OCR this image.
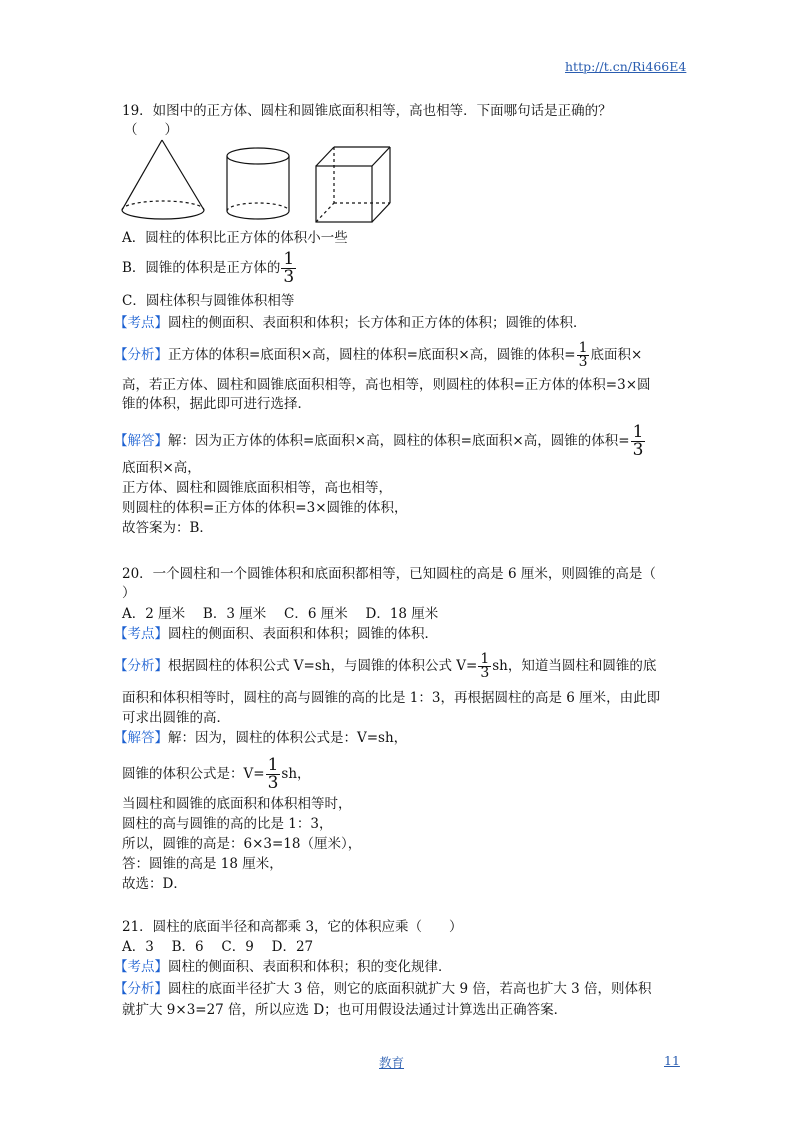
http://t.cn/Ri466E4
19．如图中的正方体、圆柱和圆锥底面积相等，高也相等．下面哪句话是正确的？
（　　）
A．圆柱的体积比正方体的体积小一些
B．圆锥的体积是正方体的 $\frac{1}{3}$
C．圆柱体积与圆锥体积相等
【考点】圆柱的侧面积、表面积和体积；长方体和正方体的体积；圆锥的体积．
【分析】正方体的体积=底面积×高，圆柱的体积=底面积×高，圆锥的体积= $\frac{1}{3}$ 底面积×
高，若正方体、圆柱和圆锥底面积相等，高也相等，则圆柱的体积=正方体的体积=3×圆
锥的体积，据此即可进行选择．
【解答】解：因为正方体的体积=底面积×高，圆柱的体积=底面积×高，圆锥的体积= $\frac{1}{3}$
底面积×高，
正方体、圆柱和圆锥底面积相等，高也相等，
则圆柱的体积=正方体的体积=3×圆锥的体积，
故答案为：B．
20．一个圆柱和一个圆锥体积和底面积都相等，已知圆柱的高是 6 厘米，则圆锥的高是（
）
A．2 厘米　 B．3 厘米　 C．6 厘米　 D．18 厘米
【考点】圆柱的侧面积、表面积和体积；圆锥的体积．
【分析】根据圆柱的体积公式 V=sh，与圆锥的体积公式 $V= \frac{1}{3}$ sh，知道当圆柱和圆锥的底
面积和体积相等时，圆柱的高与圆锥的高的比是 1：3，再根据圆柱的高是 6 厘米，由此即
可求出圆锥的高．
【解答】解：因为，圆柱的体积公式是：V=sh，
圆锥的体积公式是：$V= \frac{1}{3}$ sh，
当圆柱和圆锥的底面积和体积相等时，
圆柱的高与圆锥的高的比是 1：3，
所以，圆锥的高是：6×3=18（厘米），
答：圆锥的高是 18 厘米，
故选：D．
21．圆柱的底面半径和高都乘 3，它的体积应乘（　　）
A．3　 B．6　 C．9　 D．27
【考点】圆柱的侧面积、表面积和体积；积的变化规律．
【分析】圆柱的底面半径扩大 3 倍，则它的底面积就扩大 9 倍，若高也扩大 3 倍，则体积
就扩大 9×3=27 倍，所以应选 D；也可用假设法通过计算选出正确答案．
教育	11
